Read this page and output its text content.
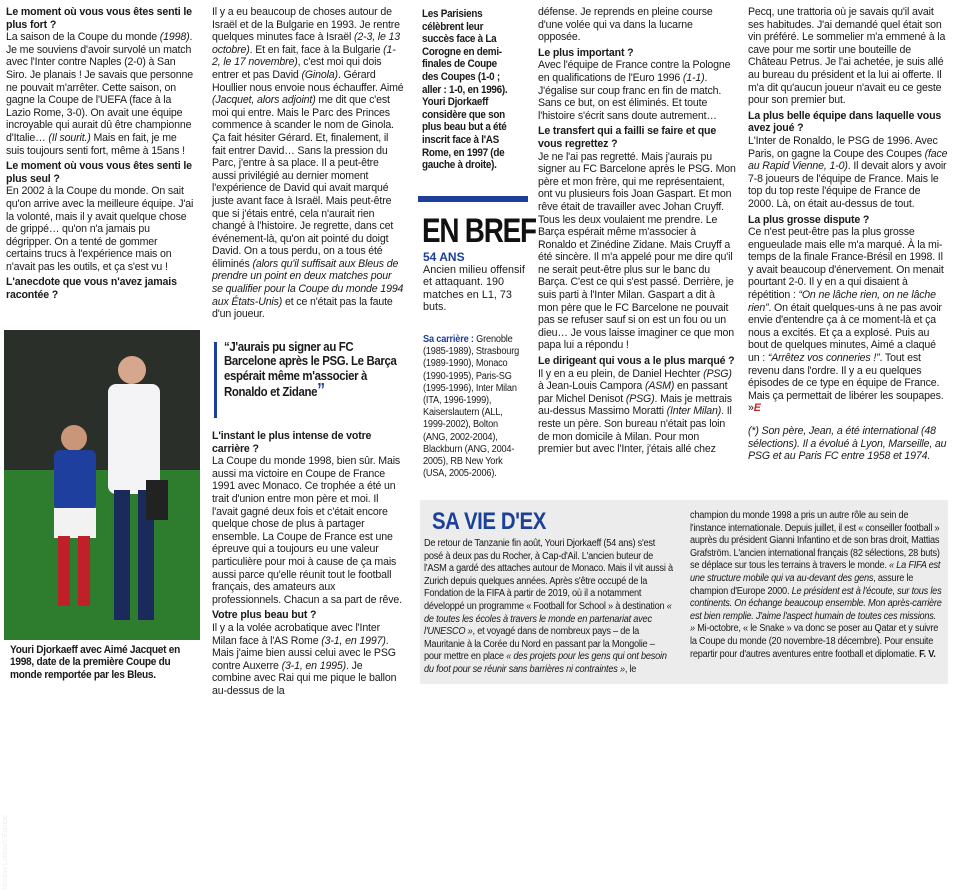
Le moment où vous vous êtes senti le plus fort ?

La saison de la Coupe du monde (1998). Je me souviens d'avoir survolé un match avec l'Inter contre Naples (2-0) à San Siro. Je planais ! Je savais que personne ne pouvait m'arrêter. Cette saison, on gagne la Coupe de l'UEFA (face à la Lazio Rome, 3-0). On avait une équipe incroyable qui aurait dû être championne d'Italie… (Il sourit.) Mais en fait, je me suis toujours senti fort, même à 15ans !

Le moment où vous vous êtes senti le plus seul ?

En 2002 à la Coupe du monde. On sait qu'on arrive avec la meilleure équipe. J'ai la volonté, mais il y avait quelque chose de grippé… qu'on n'a jamais pu dégripper. On a tenté de gommer certains trucs à l'expérience mais on n'avait pas les outils, et ça s'est vu !

L'anecdote que vous n'avez jamais racontée ?
Nicolas Luttiau/L'Équipe
Youri Djorkaeff avec Aimé Jacquet en 1998, date de la première Coupe du monde remportée par les Bleus.

Il y a eu beaucoup de choses autour de Israël et de la Bulgarie en 1993. Je rentre quelques minutes face à Israël (2-3, le 13 octobre). Et en fait, face à la Bulgarie (1-2, le 17 novembre), c'est moi qui dois entrer et pas David (Ginola). Gérard Houllier nous envoie nous échauffer. Aimé (Jacquet, alors adjoint) me dit que c'est moi qui entre. Mais le Parc des Princes commence à scander le nom de Ginola. Ça fait hésiter Gérard. Et, finalement, il fait entrer David… Sans la pression du Parc, j'entre à sa place. Il a peut-être aussi privilégié au dernier moment l'expérience de David qui avait marqué juste avant face à Israël. Mais peut-être que si j'étais entré, cela n'aurait rien changé à l'histoire. Je regrette, dans cet événement-là, qu'on ait pointé du doigt David. On a tous perdu, on a tous été éliminés (alors qu'il suffisait aux Bleus de prendre un point en deux matches pour se qualifier pour la Coupe du monde 1994 aux États-Unis) et ce n'était pas la faute d'un joueur.

“J'aurais pu signer au FC Barcelone après le PSG. Le Barça espérait même m'associer à Ronaldo et Zidane”
L'instant le plus intense de votre carrière ?

La Coupe du monde 1998, bien sûr. Mais aussi ma victoire en Coupe de France 1991 avec Monaco. Ce trophée a été un trait d'union entre mon père et moi. Il l'avait gagné deux fois et c'était encore quelque chose de plus à partager ensemble. La Coupe de France est une épreuve qui a toujours eu une valeur particulière pour moi à cause de ça mais aussi parce qu'elle réunit tout le football français, des amateurs aux professionnels. Chacun a sa part de rêve.

Votre plus beau but ?

Il y a la volée acrobatique avec l'Inter Milan face à l'AS Rome (3-1, en 1997). Mais j'aime bien aussi celui avec le PSG contre Auxerre (3-1, en 1995). Je combine avec Rai qui me pique le ballon au-dessus de la

Les Parisiens célèbrent leur succès face à La Corogne en demi-finales de Coupe des Coupes (1-0 ; aller : 1-0, en 1996). Youri Djorkaeff considère que son plus beau but a été inscrit face à l'AS Rome, en 1997 (de gauche à droite).
EN BREF
54 ANS
Ancien milieu offensif et attaquant. 190 matches en L1, 73 buts.
Sa carrière : Grenoble (1985-1989), Strasbourg (1989-1990), Monaco (1990-1995), Paris-SG (1995-1996), Inter Milan (ITA, 1996-1999), Kaiserslautern (ALL, 1999-2002), Bolton (ANG, 2002-2004), Blackburn (ANG, 2004-2005), RB New York (USA, 2005-2006).

défense. Je reprends en pleine course d'une volée qui va dans la lucarne opposée.

Le plus important ?

Avec l'équipe de France contre la Pologne en qualifications de l'Euro 1996 (1-1). J'égalise sur coup franc en fin de match. Sans ce but, on est éliminés. Et toute l'histoire s'écrit sans doute autrement…

Le transfert qui a failli se faire et que vous regrettez ?

Je ne l'ai pas regretté. Mais j'aurais pu signer au FC Barcelone après le PSG. Mon père et mon frère, qui me représentaient, ont vu plusieurs fois Joan Gaspart. Et mon rêve était de travailler avec Johan Cruyff. Tous les deux voulaient me prendre. Le Barça espérait même m'associer à Ronaldo et Zinédine Zidane. Mais Cruyff a été sincère. Il m'a appelé pour me dire qu'il ne serait peut-être plus sur le banc du Barça. C'est ce qui s'est passé. Derrière, je suis parti à l'Inter Milan. Gaspart a dit à mon père que le FC Barcelone ne pouvait pas se refuser sauf si on est un fou ou un dieu… Je vous laisse imaginer ce que mon papa lui a répondu !

Le dirigeant qui vous a le plus marqué ?

Il y en a eu plein, de Daniel Hechter (PSG) à Jean-Louis Campora (ASM) en passant par Michel Denisot (PSG). Mais je mettrais au-dessus Massimo Moratti (Inter Milan). Il reste un père. Son bureau n'était pas loin de mon domicile à Milan. Pour mon premier but avec l'Inter, j'étais allé chez

Pecq, une trattoria où je savais qu'il avait ses habitudes. J'ai demandé quel était son vin préféré. Le sommelier m'a emmené à la cave pour me sortir une bouteille de Château Petrus. Je l'ai achetée, je suis allé au bureau du président et la lui ai offerte. Il m'a dit qu'aucun joueur n'avait eu ce geste pour son premier but.

La plus belle équipe dans laquelle vous avez joué ?

L'Inter de Ronaldo, le PSG de 1996. Avec Paris, on gagne la Coupe des Coupes (face au Rapid Vienne, 1-0). Il devait alors y avoir 7-8 joueurs de l'équipe de France. Mais le top du top reste l'équipe de France de 2000. Là, on était au-dessus de tout.

La plus grosse dispute ?

Ce n'est peut-être pas la plus grosse engueulade mais elle m'a marqué. À la mi-temps de la finale France-Brésil en 1998. Il y avait beaucoup d'énervement. On menait pourtant 2-0. Il y en a qui disaient à répétition : “On ne lâche rien, on ne lâche rien”. On était quelques-uns à ne pas avoir envie d'entendre ça à ce moment-là et ça nous a excités. Et ça a explosé. Puis au bout de quelques minutes, Aimé a claqué un : “Arrêtez vos conneries !”. Tout est revenu dans l'ordre. Il y a eu quelques épisodes de ce type en équipe de France. Mais ça permettait de libérer les soupapes. »E

(*) Son père, Jean, a été international (48 sélections). Il a évolué à Lyon, Marseille, au PSG et au Paris FC entre 1958 et 1974.

SA VIE D'EX
De retour de Tanzanie fin août, Youri Djorkaeff (54 ans) s'est posé à deux pas du Rocher, à Cap-d'Ail. L'ancien buteur de l'ASM a gardé des attaches autour de Monaco. Mais il vit aussi à Zurich depuis quelques années. Après s'être occupé de la Fondation de la FIFA à partir de 2019, où il a notamment développé un programme « Football for School » à destination « de toutes les écoles à travers le monde en partenariat avec l'UNESCO », et voyagé dans de nombreux pays – de la Mauritanie à la Corée du Nord en passant par la Mongolie – pour mettre en place « des projets pour les gens qui ont besoin du foot pour se réunir sans barrières ni contraintes », le
champion du monde 1998 a pris un autre rôle au sein de l'instance internationale. Depuis juillet, il est « conseiller football » auprès du président Gianni Infantino et de son bras droit, Mattias Grafström. L'ancien international français (82 sélections, 28 buts) se déplace sur tous les terrains à travers le monde. « La FIFA est une structure mobile qui va au-devant des gens, assure le champion d'Europe 2000. Le président est à l'écoute, sur tous les continents. On échange beaucoup ensemble. Mon après-carrière est bien remplie. J'aime l'aspect humain de toutes ces missions. » Mi-octobre, « le Snake » va donc se poser au Qatar et y suivre la Coupe du monde (20 novembre-18 décembre). Pour ensuite repartir pour d'autres aventures entre football et diplomatie. F. V.
